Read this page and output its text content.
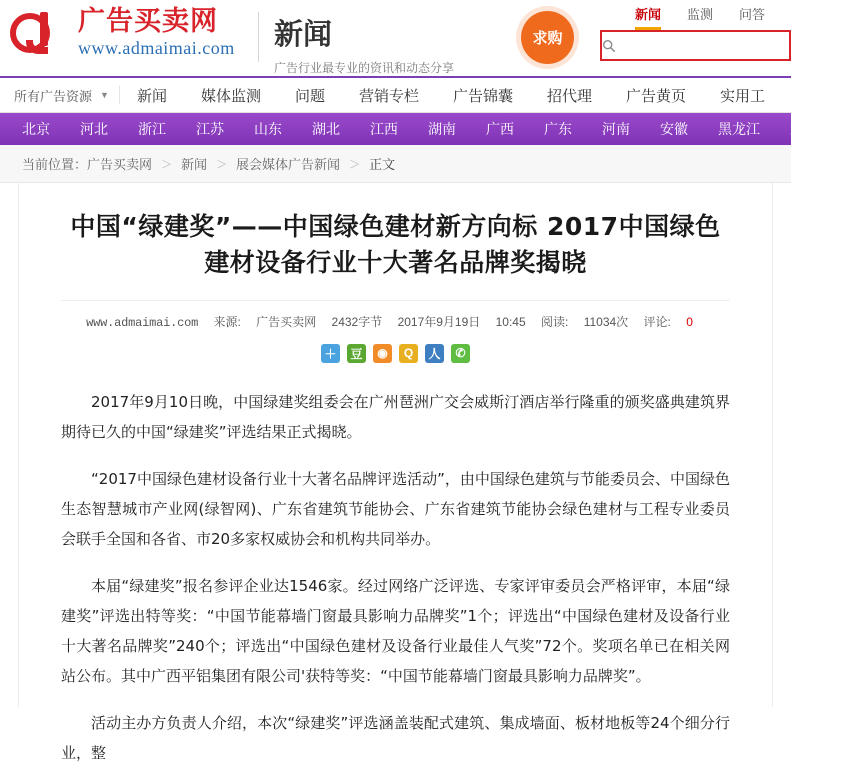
广告买卖网
www.admaimai.com 新闻
广告行业最专业的资讯和动态分享
求购
新闻 监测 问答
所有广告资源 ▼	新闻	媒体监测	问题	营销专栏	广告锦囊	招代理	广告黄页	实用工
北京 河北 浙江 江苏 山东 湖北 江西 湖南 广西 广东 河南 安徽 黑龙江 辽宁 内
当前位置： 广告买卖网 ＞ 新闻 ＞ 展会媒体广告新闻 ＞ 正文
中国“绿建奖”——中国绿色建材新方向标 2017中国绿色建材设备行业十大著名品牌奖揭晓
www.admaimai.com 来源: 广告买卖网 2432字节 2017年9月19日 10:45 阅读: 11034次 评论: 0
＋ 豆	◉	Q	人	✆

2017年9月10日晚，中国绿建奖组委会在广州琶洲广交会威斯汀酒店举行隆重的颁奖盛典建筑界期待已久的中国“绿建奖”评选结果正式揭晓。

“2017中国绿色建材设备行业十大著名品牌评选活动”，由中国绿色建筑与节能委员会、中国绿色生态智慧城市产业网(绿智网)、广东省建筑节能协会、广东省建筑节能协会绿色建材与工程专业委员会联手全国和各省、市20多家权威协会和机构共同举办。

本届“绿建奖”报名参评企业达1546家。经过网络广泛评选、专家评审委员会严格评审，本届“绿建奖”评选出特等奖：“中国节能幕墙门窗最具影响力品牌奖”1个；评选出“中国绿色建材及设备行业十大著名品牌奖”240个；评选出“中国绿色建材及设备行业最佳人气奖”72个。奖项名单已在相关网站公布。其中广西平铝集团有限公司'获特等奖：“中国节能幕墙门窗最具影响力品牌奖”。

活动主办方负责人介绍，本次“绿建奖”评选涵盖装配式建筑、集成墙面、板材地板等24个细分行业，整
